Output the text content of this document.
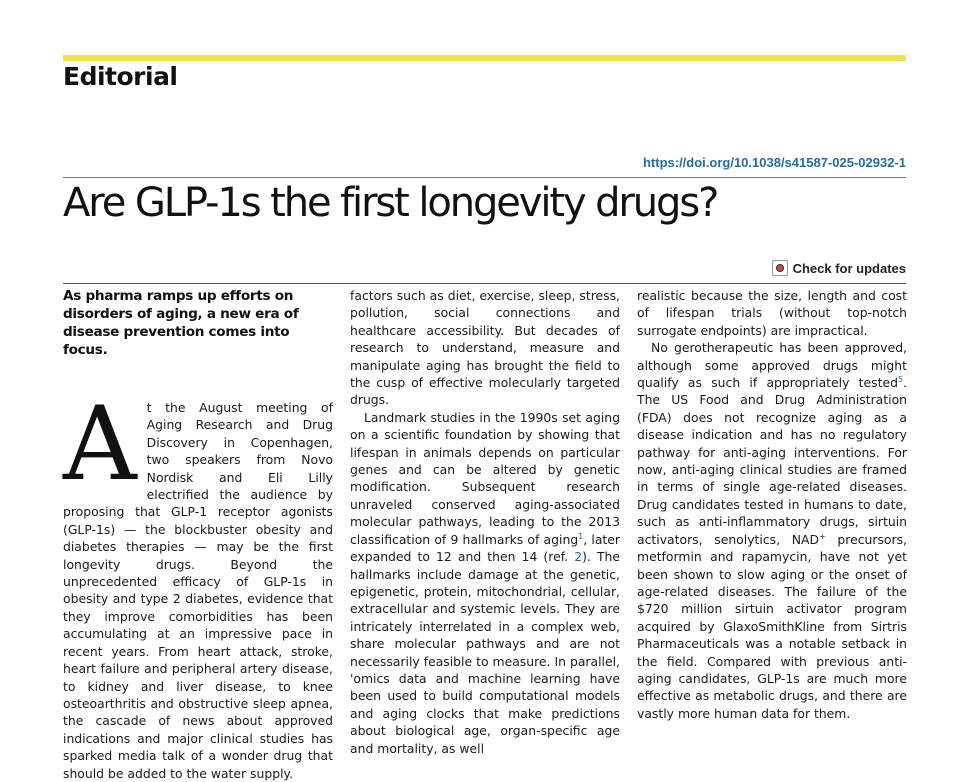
Editorial
https://doi.org/10.1038/s41587-025-02932-1
Are GLP-1s the first longevity drugs?
Check for updates

As pharma ramps up efforts on disorders of aging, a new era of disease prevention comes into focus.

At the August meeting of Aging Research and Drug Discovery in Copenhagen, two speakers from Novo Nordisk and Eli Lilly electrified the audience by proposing that GLP-1 receptor agonists (GLP-1s) — the blockbuster obesity and diabetes therapies — may be the first longevity drugs. Beyond the unprecedented efficacy of GLP-1s in obesity and type 2 diabetes, evidence that they improve comorbidities has been accumulating at an impressive pace in recent years. From heart attack, stroke, heart failure and peripheral artery disease, to kidney and liver disease, to knee osteoarthritis and obstructive sleep apnea, the cascade of news about approved indications and major clinical studies has sparked media talk of a wonder drug that should be added to the water supply.

factors such as diet, exercise, sleep, stress, pollution, social connections and healthcare accessibility. But decades of research to understand, measure and manipulate aging has brought the field to the cusp of effective molecularly targeted drugs.

Landmark studies in the 1990s set aging on a scientific foundation by showing that lifespan in animals depends on particular genes and can be altered by genetic modification. Subsequent research unraveled conserved aging-associated molecular pathways, leading to the 2013 classification of 9 hallmarks of aging$^1$, later expanded to 12 and then 14 (ref. 2). The hallmarks include damage at the genetic, epigenetic, protein, mitochondrial, cellular, extracellular and systemic levels. They are intricately interrelated in a complex web, share molecular pathways and are not necessarily feasible to measure. In parallel, 'omics data and machine learning have been used to build computational models and aging clocks that make predictions about biological age, organ-specific age and mortality, as well

realistic because the size, length and cost of lifespan trials (without top-notch surrogate endpoints) are impractical.

No gerotherapeutic has been approved, although some approved drugs might qualify as such if appropriately tested$^5$. The US Food and Drug Administration (FDA) does not recognize aging as a disease indication and has no regulatory pathway for anti-aging interventions. For now, anti-aging clinical studies are framed in terms of single age-related diseases. Drug candidates tested in humans to date, such as anti-inflammatory drugs, sirtuin activators, senolytics, NAD+ precursors, metformin and rapamycin, have not yet been shown to slow aging or the onset of age-related diseases. The failure of the $720 million sirtuin activator program acquired by GlaxoSmithKline from Sirtris Pharmaceuticals was a notable setback in the field. Compared with previous anti-aging candidates, GLP-1s are much more effective as metabolic drugs, and there are vastly more human data for them.
